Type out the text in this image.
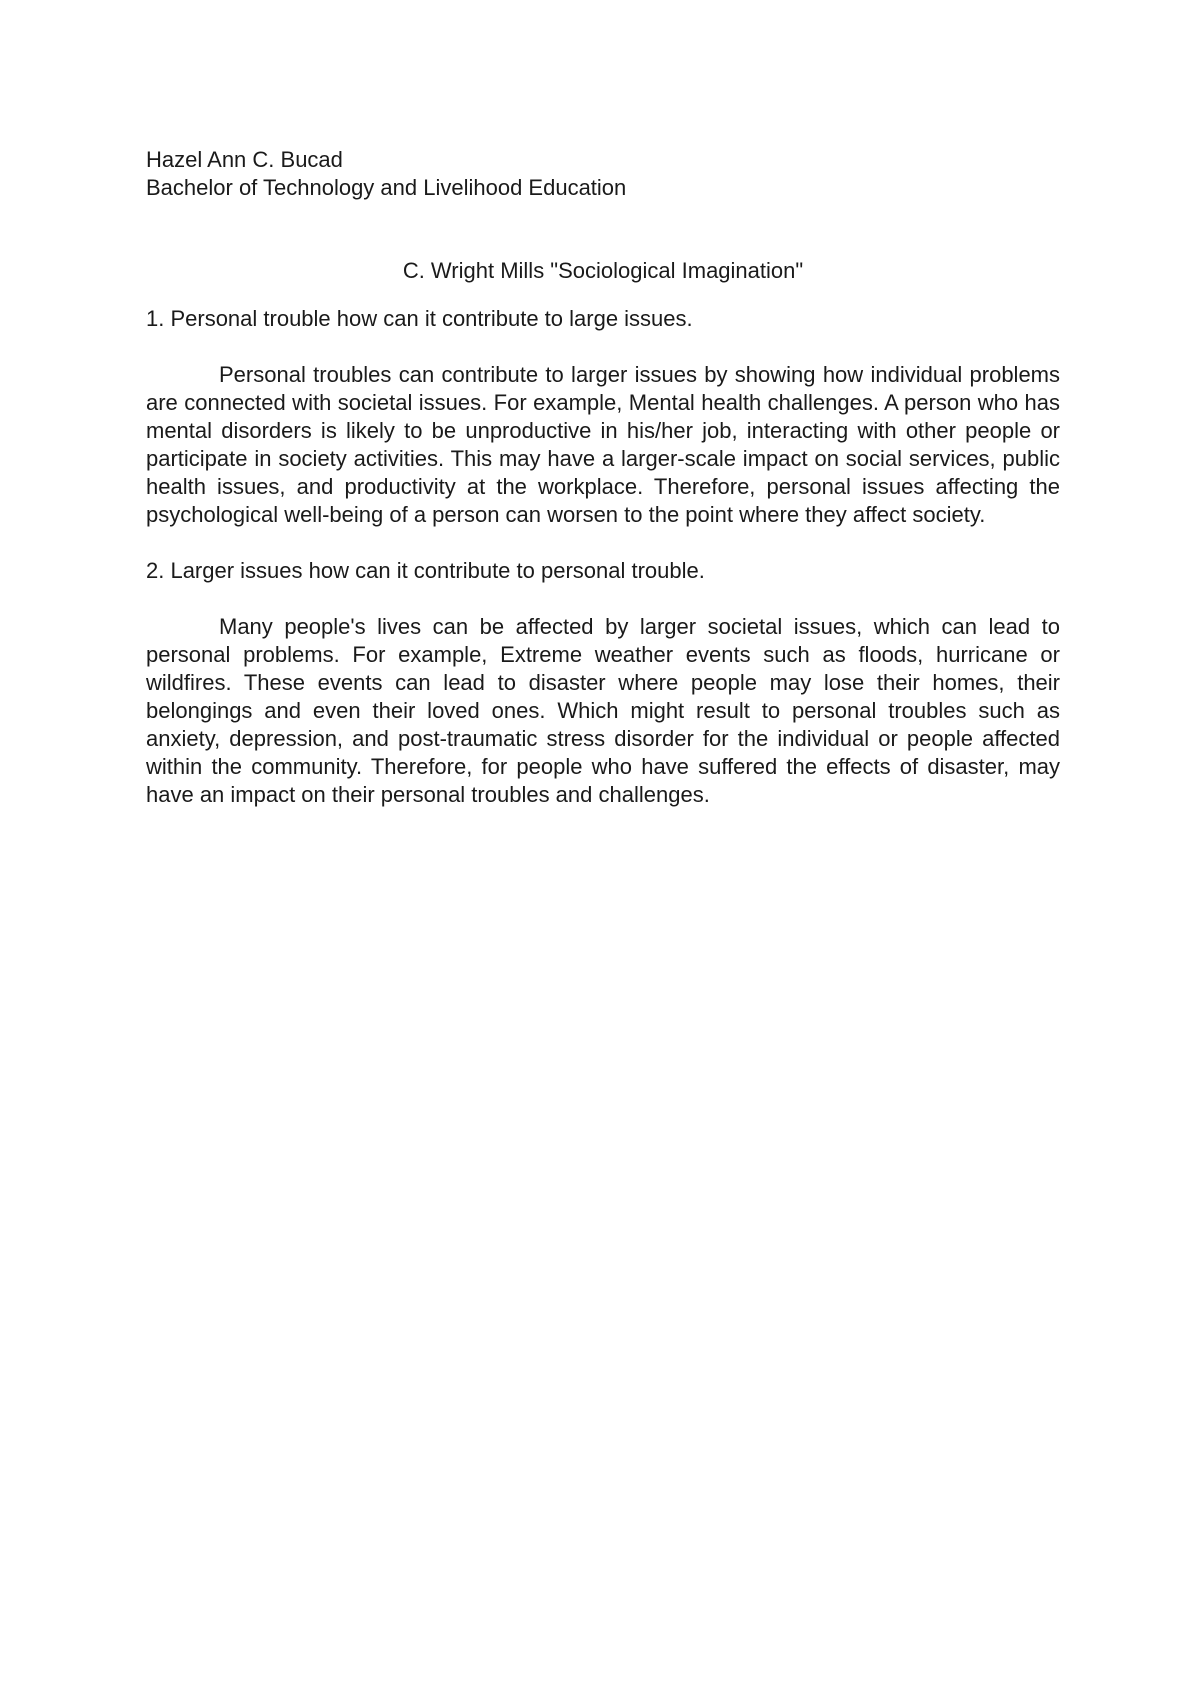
Hazel Ann C. Bucad

Bachelor of Technology and Livelihood Education

C. Wright Mills "Sociological Imagination"

1. Personal trouble how can it contribute to large issues.

Personal troubles can contribute to larger issues by showing how individual problems are connected with societal issues. For example, Mental health challenges. A person who has mental disorders is likely to be unproductive in his/her job, interacting with other people or participate in society activities. This may have a larger-scale impact on social services, public health issues, and productivity at the workplace. Therefore, personal issues affecting the psychological well-being of a person can worsen to the point where they affect society.

2. Larger issues how can it contribute to personal trouble.

Many people's lives can be affected by larger societal issues, which can lead to personal problems. For example, Extreme weather events such as floods, hurricane or wildfires. These events can lead to disaster where people may lose their homes, their belongings and even their loved ones. Which might result to personal troubles such as anxiety, depression, and post-traumatic stress disorder for the individual or people affected within the community. Therefore, for people who have suffered the effects of disaster, may have an impact on their personal troubles and challenges.
